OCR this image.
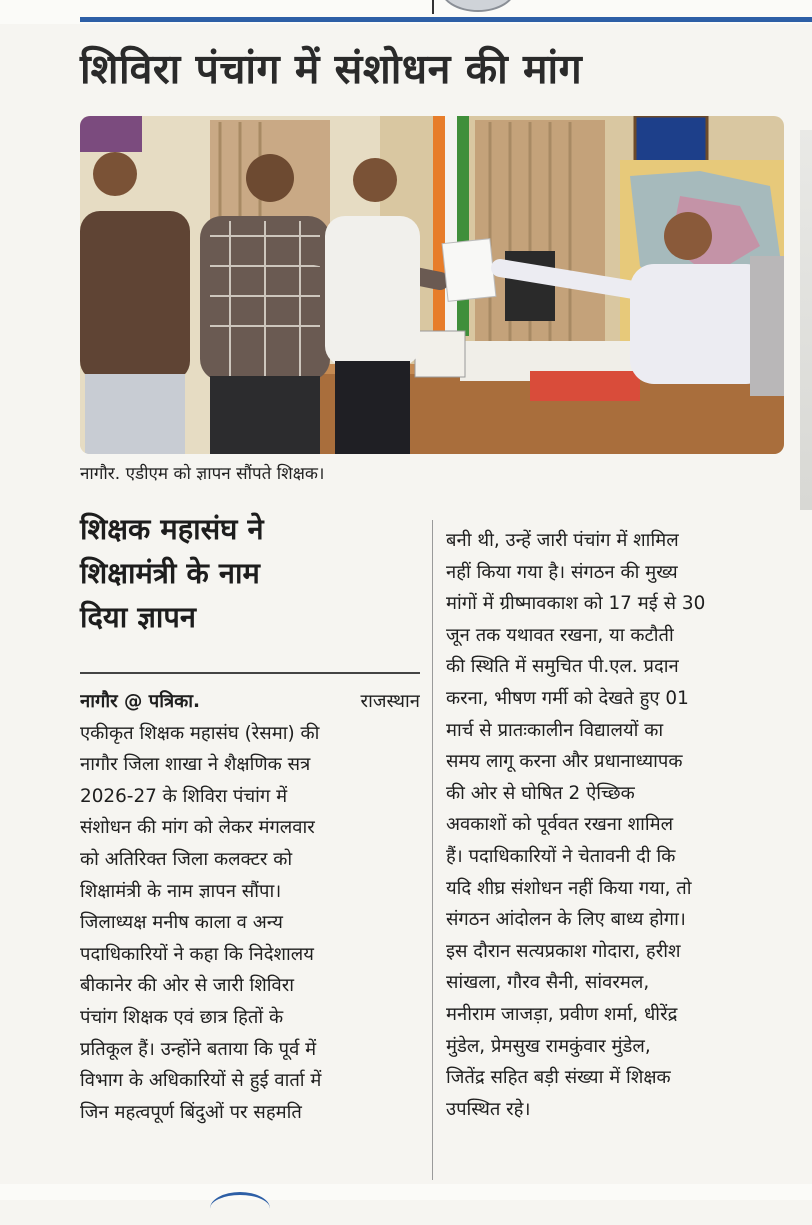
शिविरा पंचांग में संशोधन की मांग
नागौर. एडीएम को ज्ञापन सौंपते शिक्षक।
शिक्षक महासंघ ने
शिक्षामंत्री के नाम
दिया ज्ञापन
नागौर @ पत्रिका.	राजस्थान
एकीकृत शिक्षक महासंघ (रेसमा) की
नागौर जिला शाखा ने शैक्षणिक सत्र
2026-27 के शिविरा पंचांग में
संशोधन की मांग को लेकर मंगलवार
को अतिरिक्त जिला कलक्टर को
शिक्षामंत्री के नाम ज्ञापन सौंपा।
जिलाध्यक्ष मनीष काला व अन्य
पदाधिकारियों ने कहा कि निदेशालय
बीकानेर की ओर से जारी शिविरा
पंचांग शिक्षक एवं छात्र हितों के
प्रतिकूल हैं। उन्होंने बताया कि पूर्व में
विभाग के अधिकारियों से हुई वार्ता में
जिन महत्वपूर्ण बिंदुओं पर सहमति
बनी थी, उन्हें जारी पंचांग में शामिल
नहीं किया गया है। संगठन की मुख्य
मांगों में ग्रीष्मावकाश को 17 मई से 30
जून तक यथावत रखना, या कटौती
की स्थिति में समुचित पी.एल. प्रदान
करना, भीषण गर्मी को देखते हुए 01
मार्च से प्रातःकालीन विद्यालयों का
समय लागू करना और प्रधानाध्यापक
की ओर से घोषित 2 ऐच्छिक
अवकाशों को पूर्ववत रखना शामिल
हैं। पदाधिकारियों ने चेतावनी दी कि
यदि शीघ्र संशोधन नहीं किया गया, तो
संगठन आंदोलन के लिए बाध्य होगा।
इस दौरान सत्यप्रकाश गोदारा, हरीश
सांखला, गौरव सैनी, सांवरमल,
मनीराम जाजड़ा, प्रवीण शर्मा, धीरेंद्र
मुंडेल, प्रेमसुख रामकुंवार मुंडेल,
जितेंद्र सहित बड़ी संख्या में शिक्षक
उपस्थित रहे।
